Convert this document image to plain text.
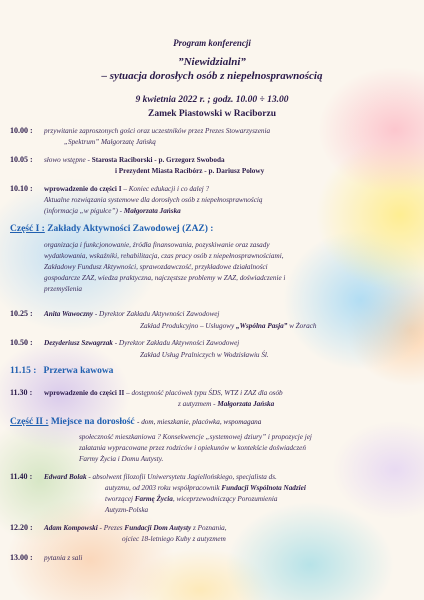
Program konferencji
”Niewidzialni”
– sytuacja dorosłych osób z niepełnosprawnością
9 kwietnia 2022 r. ; godz. 10.00 ÷ 13.00
Zamek Piastowski w Raciborzu
10.00 : przywitanie zaproszonych gości oraz uczestników przez Prezes Stowarzyszenia
„Spektrum” Małgorzatę Jańską
10.05 : słowo wstępne - Starosta Raciborski - p. Grzegorz Swoboda
i Prezydent Miasta Racibórz - p. Dariusz Polowy
10.10 : wprowadzenie do części I – Koniec edukacji i co dalej ?
Aktualne rozwiązania systemowe dla dorosłych osób z niepełnosprawnością
(informacja „w pigułce”) - Małgorzata Jańska
Część I : Zakłady Aktywności Zawodowej (ZAZ) :
organizacja i funkcjonowanie, źródła finansowania, pozyskiwanie oraz zasady
wydatkowania, wskaźniki, rehabilitacja, czas pracy osób z niepełnosprawnościami,
Zakładowy Fundusz Aktywności, sprawozdawczość, przykładowe działalności
gospodarcze ZAZ, wiedza praktyczna, najczęstsze problemy w ZAZ, doświadczenie i
przemyślenia
10.25 : Anita Wawoczny - Dyrektor Zakładu Aktywności Zawodowej
Zakład Produkcyjno – Usługowy „Wspólna Pasja” w Żorach
10.50 : Dezyderiusz Szwagrzak - Dyrektor Zakładu Aktywności Zawodowej
Zakład Usług Pralniczych w Wodzisławiu Śl.
11.15 : Przerwa kawowa
11.30 : wprowadzenie do części II – dostępność placówek typu ŚDS, WTZ i ZAZ dla osób
z autyzmem - Małgorzata Jańska
Część II : Miejsce na dorosłość - dom, mieszkanie, placówka, wspomagana
społeczność mieszkaniowa ? Konsekwencje „systemowej dziury” i propozycje jej
załatania wypracowane przez rodziców i opiekunów w kontekście doświadczeń
Farmy Życia i Domu Autysty.
11.40 : Edward Bolak - absolwent filozofii Uniwersytetu Jagiellońskiego, specjalista ds.
autyzmu, od 2003 roku współpracownik Fundacji Wspólnota Nadziei
tworzącej Farmę Życia, wiceprzewodniczący Porozumienia
Autyzm-Polska
12.20 : Adam Kompowski - Prezes Fundacji Dom Autysty z Poznania,
ojciec 18-letniego Kuby z autyzmem
13.00 : pytania z sali
